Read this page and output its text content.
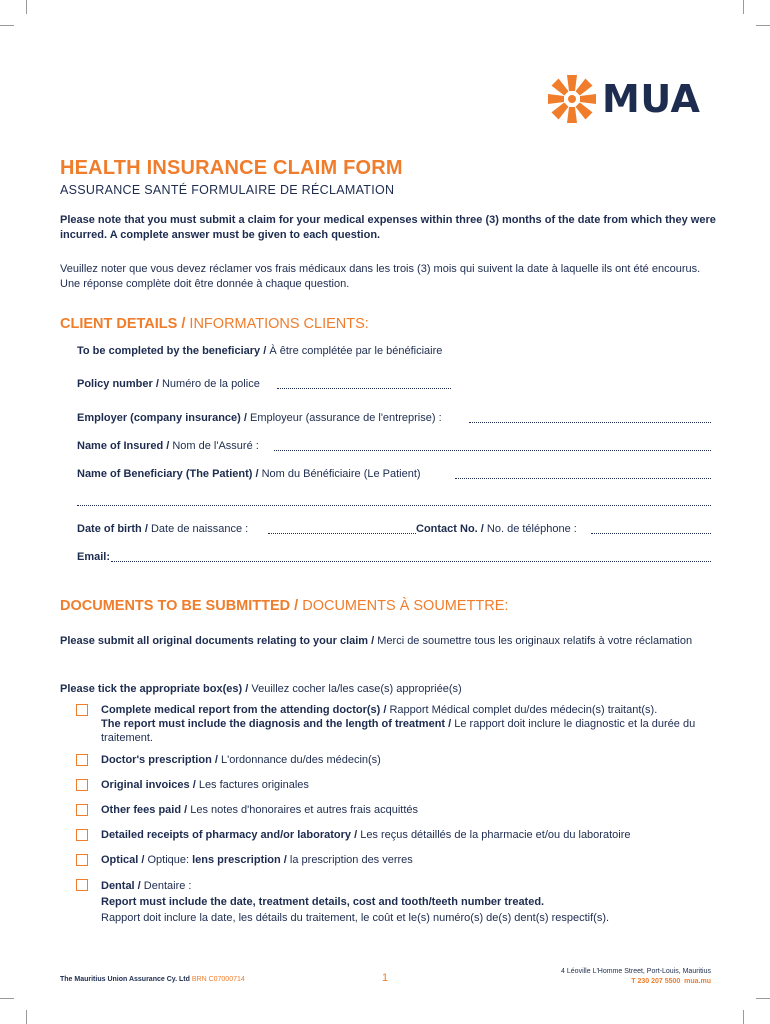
MUA
HEALTH INSURANCE CLAIM FORM
ASSURANCE SANTÉ FORMULAIRE DE RÉCLAMATION
Please note that you must submit a claim for your medical expenses within three (3) months of the date from which they were incurred. A complete answer must be given to each question.
Veuillez noter que vous devez réclamer vos frais médicaux dans les trois (3) mois qui suivent la date à laquelle ils ont été encourus. Une réponse complète doit être donnée à chaque question.
CLIENT DETAILS / INFORMATIONS CLIENTS:
To be completed by the beneficiary / À être complétée par le bénéficiaire
Policy number / Numéro de la police
Employer (company insurance) / Employeur (assurance de l'entreprise) :
Name of Insured / Nom de l'Assuré :
Name of Beneficiary (The Patient) / Nom du Bénéficiaire (Le Patient)
Date of birth / Date de naissance :	Contact No. / No. de téléphone :
Email:
DOCUMENTS TO BE SUBMITTED / DOCUMENTS À SOUMETTRE:
Please submit all original documents relating to your claim / Merci de soumettre tous les originaux relatifs à votre réclamation
Please tick the appropriate box(es) / Veuillez cocher la/les case(s) appropriée(s)
Complete medical report from the attending doctor(s) / Rapport Médical complet du/des médecin(s) traitant(s).
The report must include the diagnosis and the length of treatment / Le rapport doit inclure le diagnostic et la durée du traitement.
Doctor's prescription / L'ordonnance du/des médecin(s)
Original invoices / Les factures originales
Other fees paid / Les notes d'honoraires et autres frais acquittés
Detailed receipts of pharmacy and/or laboratory / Les reçus détaillés de la pharmacie et/ou du laboratoire
Optical / Optique: lens prescription / la prescription des verres
Dental / Dentaire :
Report must include the date, treatment details, cost and tooth/teeth number treated.
Rapport doit inclure la date, les détails du traitement, le coût et le(s) numéro(s) de(s) dent(s) respectif(s).
The Mauritius Union Assurance Cy. Ltd BRN C07000714	1
4 Léoville L'Homme Street, Port-Louis, Mauritius
T 230 207 5500 mua.mu
